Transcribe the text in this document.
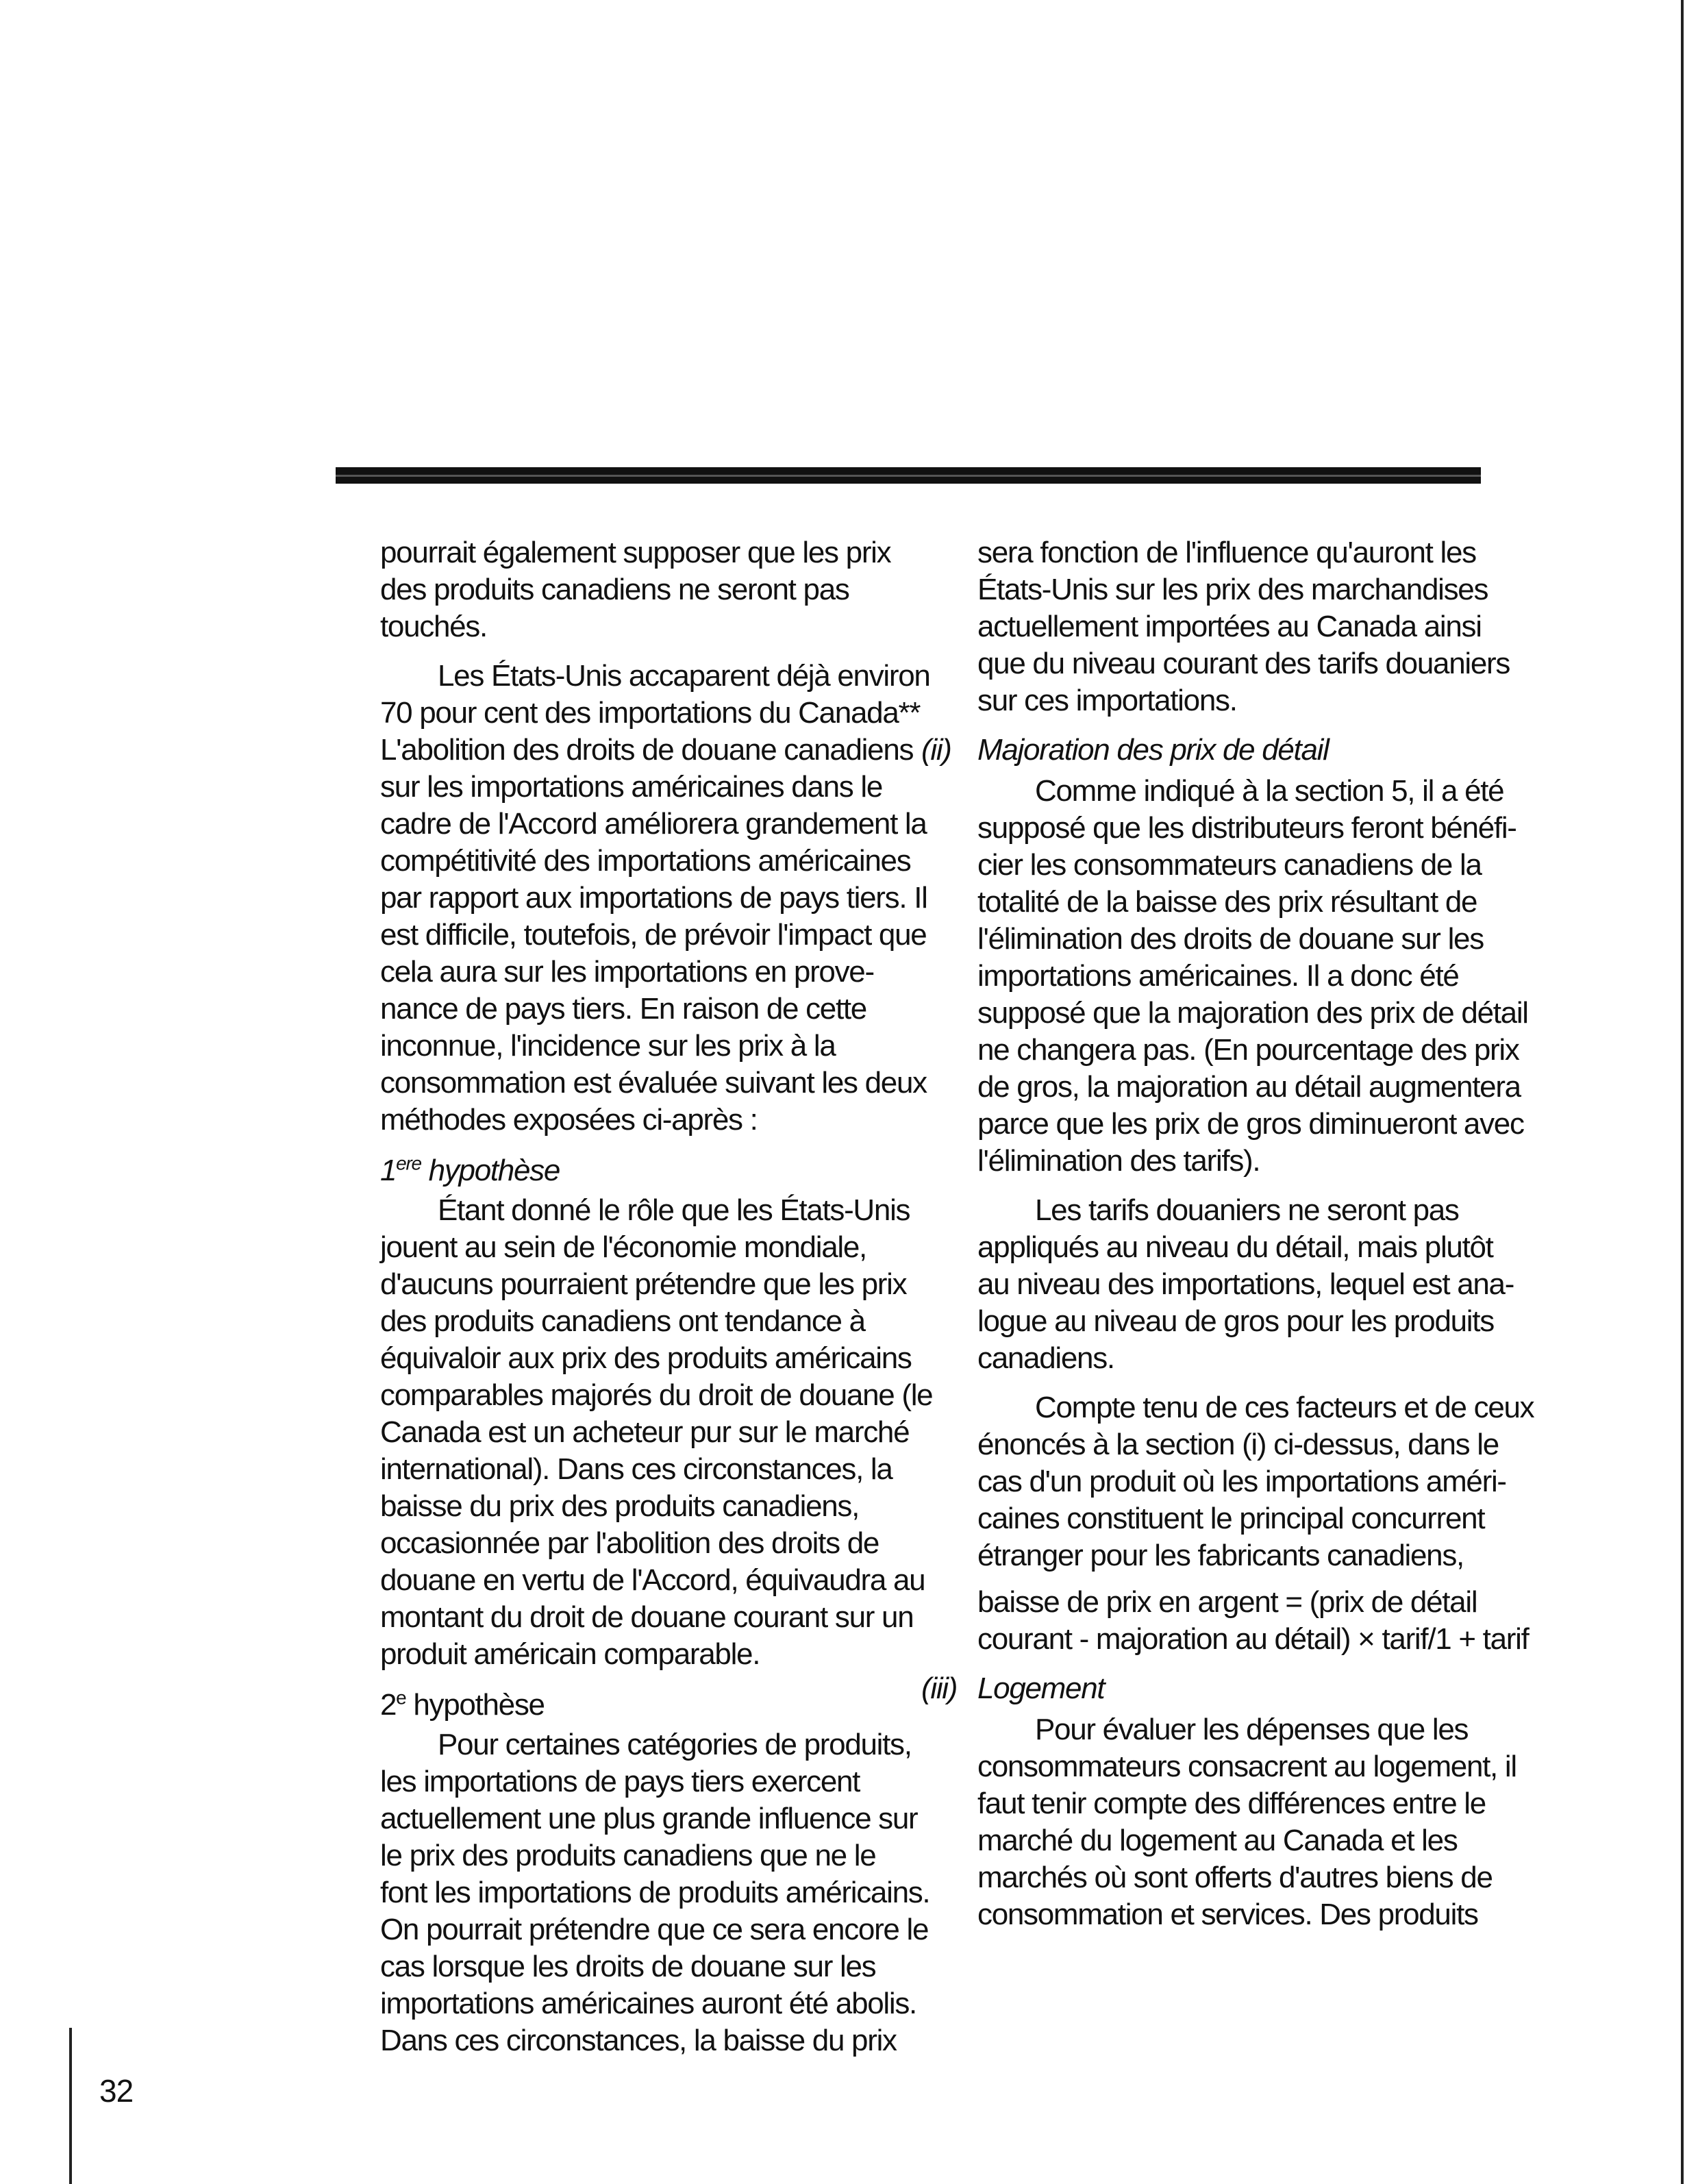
32

pourrait également supposer que les prix
des produits canadiens ne seront pas
touchés.

Les États-Unis accaparent déjà environ
70 pour cent des importations du Canada**
L'abolition des droits de douane canadiens
sur les importations américaines dans le
cadre de l'Accord améliorera grandement la
compétitivité des importations américaines
par rapport aux importations de pays tiers. Il
est difficile, toutefois, de prévoir l'impact que
cela aura sur les importations en prove-
nance de pays tiers. En raison de cette
inconnue, l'incidence sur les prix à la
consommation est évaluée suivant les deux
méthodes exposées ci-après :

1ere hypothèse

Étant donné le rôle que les États-Unis
jouent au sein de l'économie mondiale,
d'aucuns pourraient prétendre que les prix
des produits canadiens ont tendance à
équivaloir aux prix des produits américains
comparables majorés du droit de douane (le
Canada est un acheteur pur sur le marché
international). Dans ces circonstances, la
baisse du prix des produits canadiens,
occasionnée par l'abolition des droits de
douane en vertu de l'Accord, équivaudra au
montant du droit de douane courant sur un
produit américain comparable.

2e hypothèse

Pour certaines catégories de produits,
les importations de pays tiers exercent
actuellement une plus grande influence sur
le prix des produits canadiens que ne le
font les importations de produits américains.
On pourrait prétendre que ce sera encore le
cas lorsque les droits de douane sur les
importations américaines auront été abolis.
Dans ces circonstances, la baisse du prix

sera fonction de l'influence qu'auront les
États-Unis sur les prix des marchandises
actuellement importées au Canada ainsi
que du niveau courant des tarifs douaniers
sur ces importations.

(ii) Majoration des prix de détail

Comme indiqué à la section 5, il a été
supposé que les distributeurs feront bénéfi-
cier les consommateurs canadiens de la
totalité de la baisse des prix résultant de
l'élimination des droits de douane sur les
importations américaines. Il a donc été
supposé que la majoration des prix de détail
ne changera pas. (En pourcentage des prix
de gros, la majoration au détail augmentera
parce que les prix de gros diminueront avec
l'élimination des tarifs).

Les tarifs douaniers ne seront pas
appliqués au niveau du détail, mais plutôt
au niveau des importations, lequel est ana-
logue au niveau de gros pour les produits
canadiens.

Compte tenu de ces facteurs et de ceux
énoncés à la section (i) ci-dessus, dans le
cas d'un produit où les importations améri-
caines constituent le principal concurrent
étranger pour les fabricants canadiens,

baisse de prix en argent = (prix de détail
courant - majoration au détail) × tarif/1 + tarif

(iii) Logement

Pour évaluer les dépenses que les
consommateurs consacrent au logement, il
faut tenir compte des différences entre le
marché du logement au Canada et les
marchés où sont offerts d'autres biens de
consommation et services. Des produits
